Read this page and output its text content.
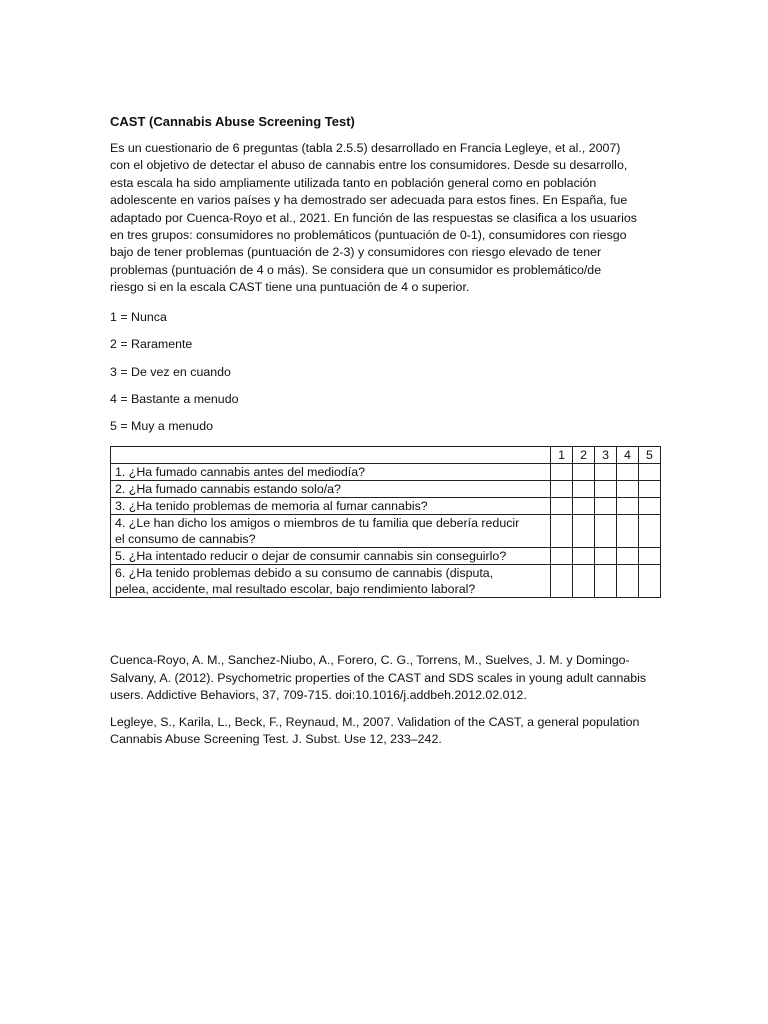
CAST (Cannabis Abuse Screening Test)
Es un cuestionario de 6 preguntas (tabla 2.5.5) desarrollado en Francia Legleye, et al., 2007)
con el objetivo de detectar el abuso de cannabis entre los consumidores. Desde su desarrollo,
esta escala ha sido ampliamente utilizada tanto en población general como en población
adolescente en varios países y ha demostrado ser adecuada para estos fines. En España, fue
adaptado por Cuenca-Royo et al., 2021. En función de las respuestas se clasifica a los usuarios
en tres grupos: consumidores no problemáticos (puntuación de 0-1), consumidores con riesgo
bajo de tener problemas (puntuación de 2-3) y consumidores con riesgo elevado de tener
problemas (puntuación de 4 o más). Se considera que un consumidor es problemático/de
riesgo si en la escala CAST tiene una puntuación de 4 o superior.
1 = Nunca
2 = Raramente
3 = De vez en cuando
4 = Bastante a menudo
5 = Muy a menudo
	1	2	3	4	5

1. ¿Ha fumado cannabis antes del mediodía?					

2. ¿Ha fumado cannabis estando solo/a?					

3. ¿Ha tenido problemas de memoria al fumar cannabis?					

4. ¿Le han dicho los amigos o miembros de tu familia que debería reducir
el consumo de cannabis?					

5. ¿Ha intentado reducir o dejar de consumir cannabis sin conseguirlo?					

6. ¿Ha tenido problemas debido a su consumo de cannabis (disputa,
pelea, accidente, mal resultado escolar, bajo rendimiento laboral?					

Cuenca-Royo, A. M., Sanchez-Niubo, A., Forero, C. G., Torrens, M., Suelves, J. M. y Domingo-
Salvany, A. (2012). Psychometric properties of the CAST and SDS scales in young adult cannabis
users. Addictive Behaviors, 37, 709-715. doi:10.1016/j.addbeh.2012.02.012.

Legleye, S., Karila, L., Beck, F., Reynaud, M., 2007. Validation of the CAST, a general population
Cannabis Abuse Screening Test. J. Subst. Use 12, 233–242.
